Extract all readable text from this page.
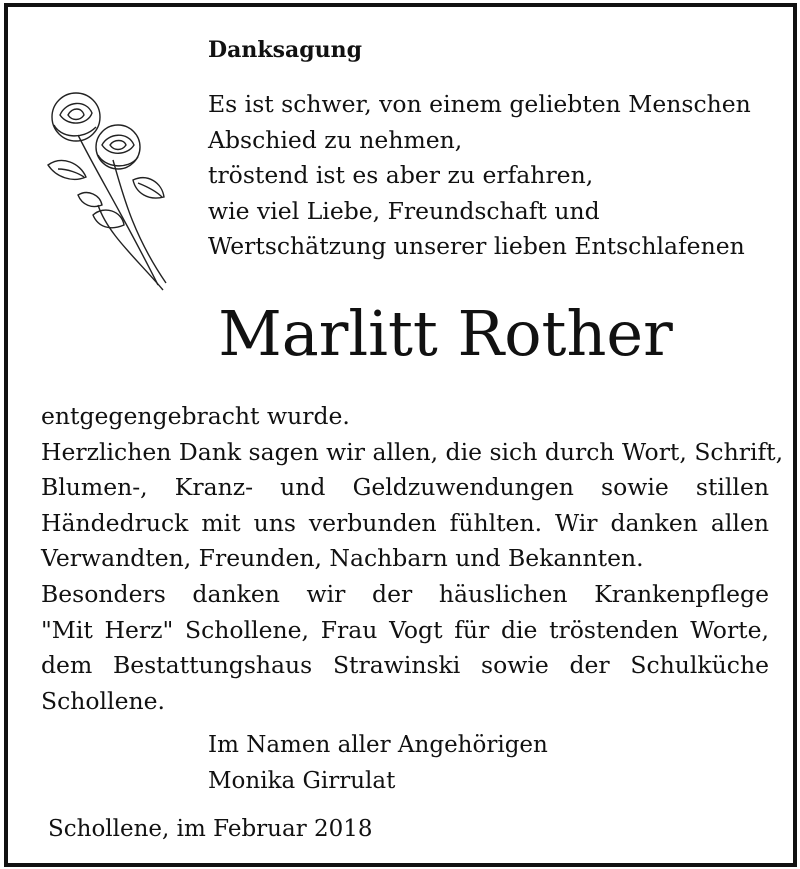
Danksagung
Es ist schwer, von einem geliebten Menschen
Abschied zu nehmen,
tröstend ist es aber zu erfahren,
wie viel Liebe, Freundschaft und
Wertschätzung unserer lieben Entschlafenen
Marlitt Rother
entgegengebracht wurde.
Herzlichen Dank sagen wir allen, die sich durch Wort, Schrift,
Blumen-, Kranz- und Geldzuwendungen sowie stillen
Händedruck mit uns verbunden fühlten. Wir danken allen
Verwandten, Freunden, Nachbarn und Bekannten.
Besonders danken wir der häuslichen Krankenpflege
"Mit Herz" Schollene, Frau Vogt für die tröstenden Worte,
dem Bestattungshaus Strawinski sowie der Schulküche
Schollene.
Im Namen aller Angehörigen
Monika Girrulat
Schollene, im Februar 2018
